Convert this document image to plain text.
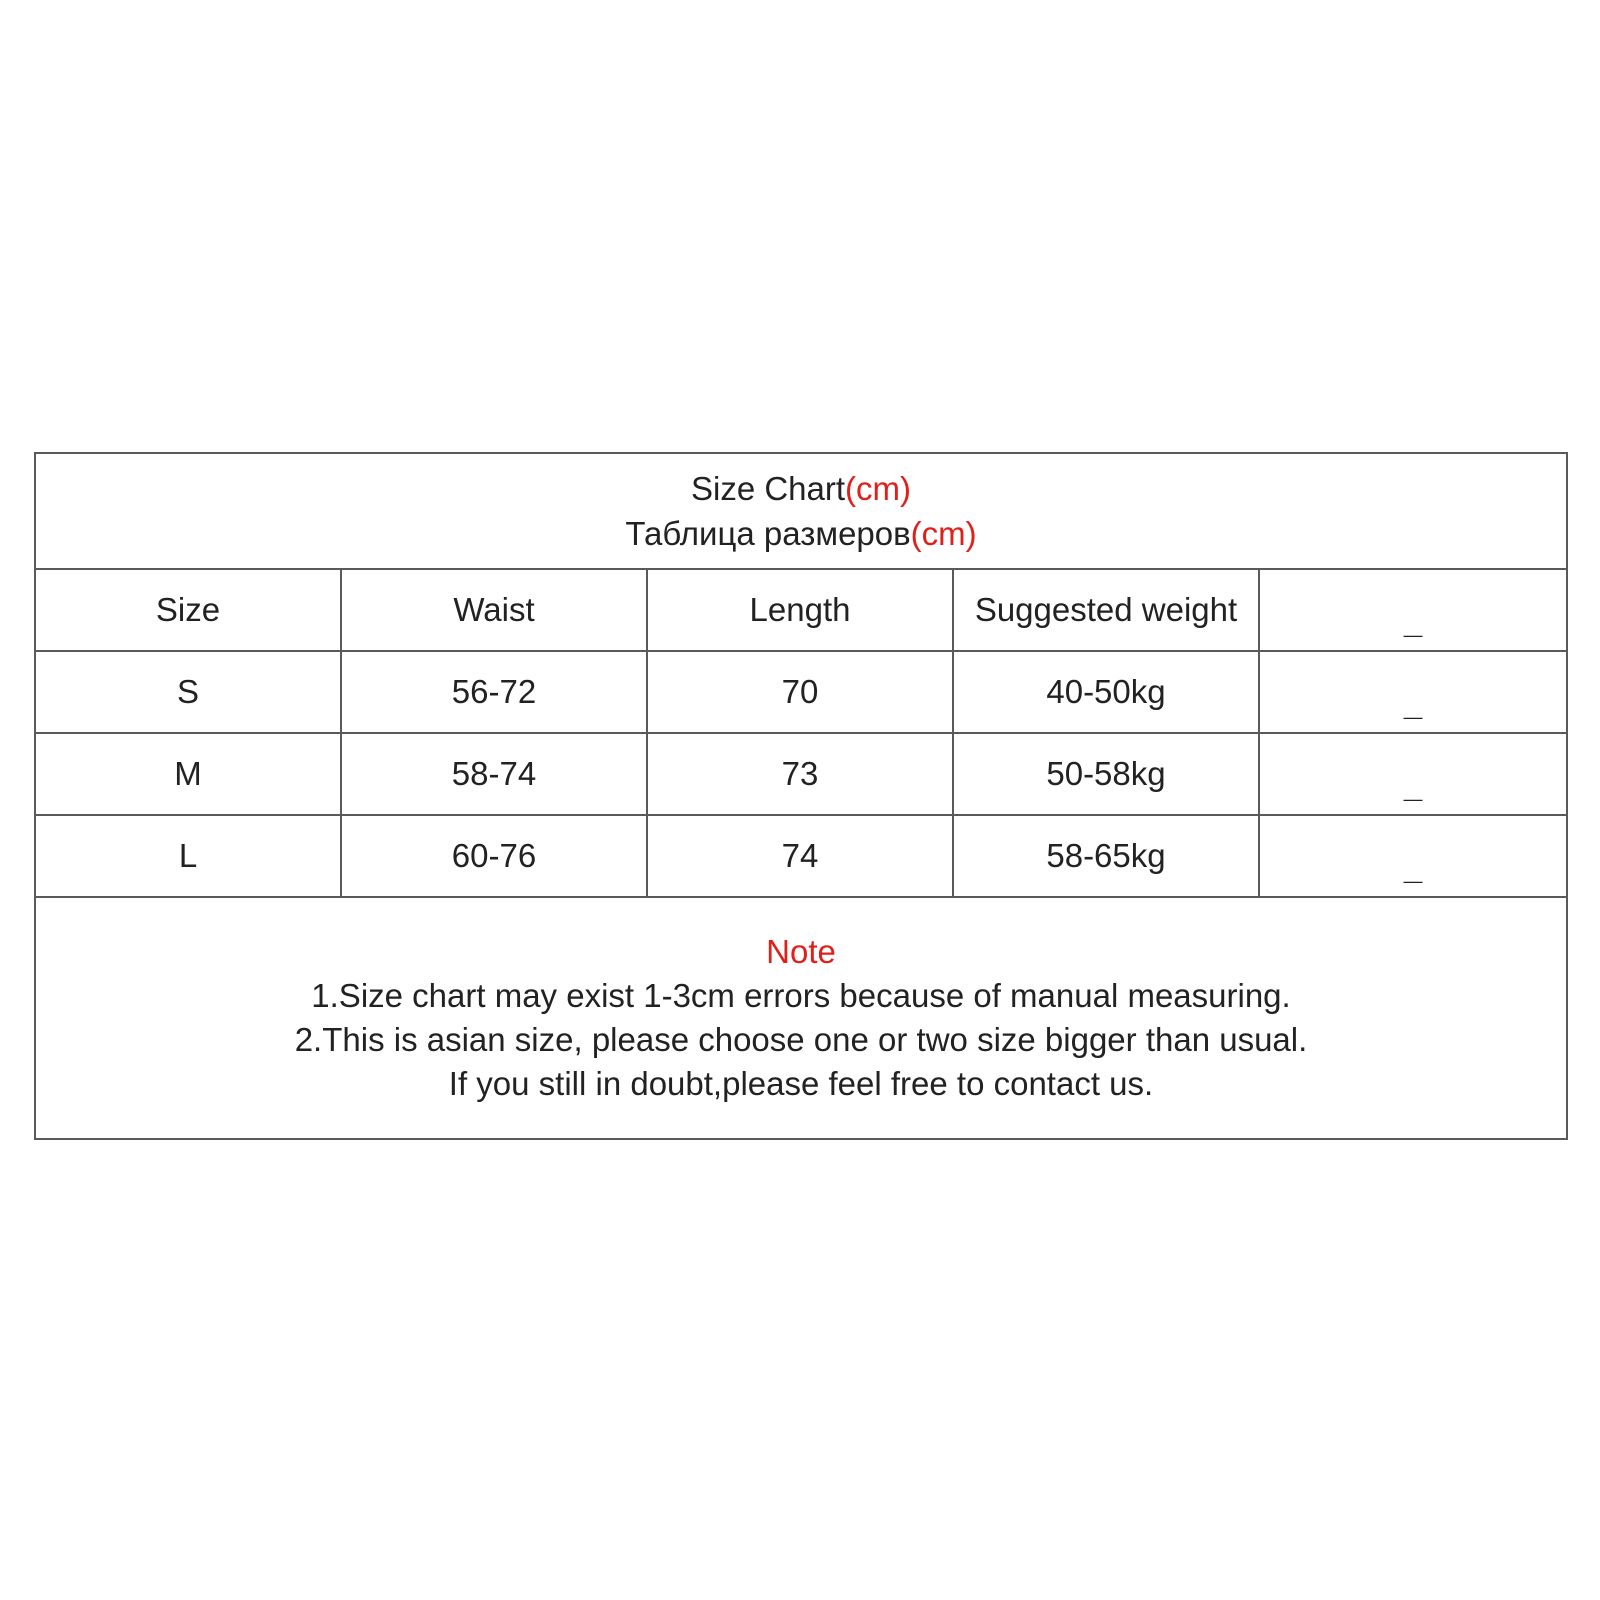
Size Chart(cm)
Таблица размеров(cm)				

Size	Waist	Length	Suggested weight	_
S	56-72	70	40-50kg	_
M	58-74	73	50-58kg	_
L	60-76	74	58-65kg	_

Note
1.Size chart may exist 1-3cm errors because of manual measuring.
2.This is asian size, please choose one or two size bigger than usual.
If you still in doubt,please feel free to contact us.				
